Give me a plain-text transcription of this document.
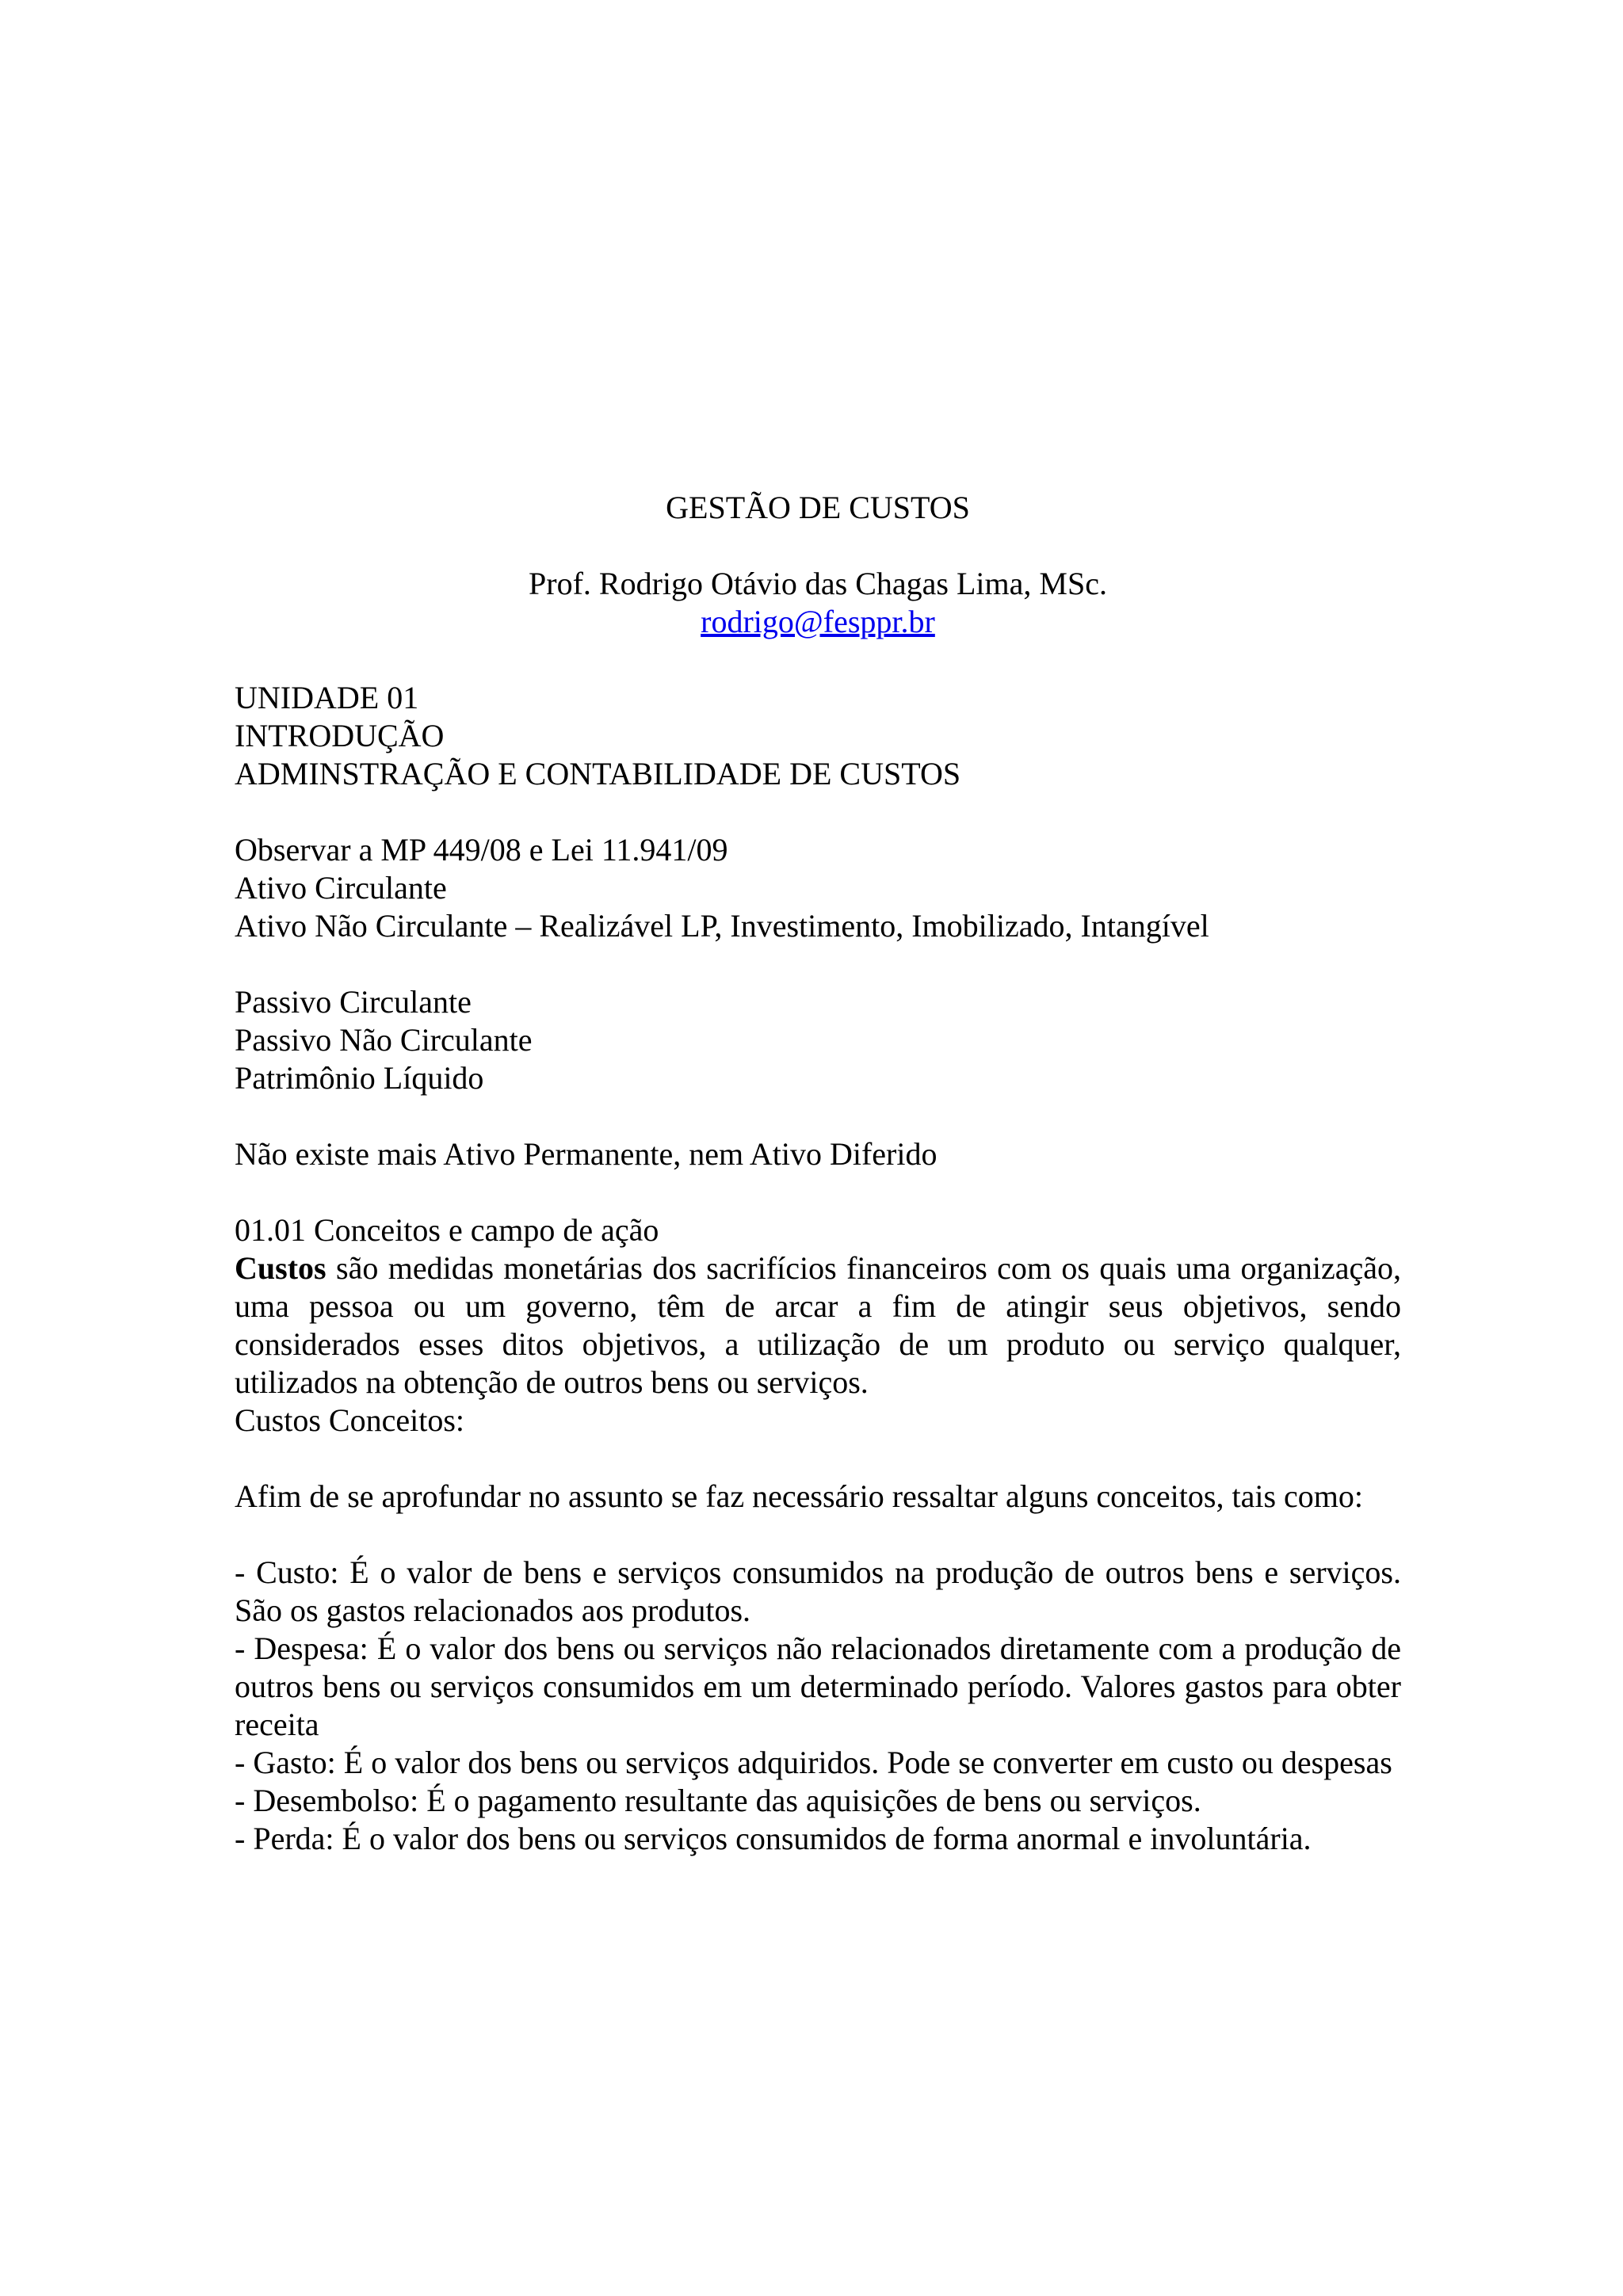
GESTÃO DE CUSTOS
Prof. Rodrigo Otávio das Chagas Lima, MSc.
rodrigo@fesppr.br
UNIDADE 01
INTRODUÇÃO
ADMINSTRAÇÃO E CONTABILIDADE DE CUSTOS
Observar a MP 449/08 e Lei 11.941/09
Ativo Circulante
Ativo Não Circulante – Realizável LP, Investimento, Imobilizado, Intangível
Passivo Circulante
Passivo Não Circulante
Patrimônio Líquido
Não existe mais Ativo Permanente, nem Ativo Diferido
01.01 Conceitos e campo de ação

Custos são medidas monetárias dos sacrifícios financeiros com os quais uma organização, uma pessoa ou um governo, têm de arcar a fim de atingir seus objetivos, sendo considerados esses ditos objetivos, a utilização de um produto ou serviço qualquer, utilizados na obtenção de outros bens ou serviços.

Custos Conceitos:

Afim de se aprofundar no assunto se faz necessário ressaltar alguns conceitos, tais como:

- Custo: É o valor de bens e serviços consumidos na produção de outros bens e serviços. São os gastos relacionados aos produtos.

- Despesa: É o valor dos bens ou serviços não relacionados diretamente com a produção de outros bens ou serviços consumidos em um determinado período. Valores gastos para obter receita

- Gasto: É o valor dos bens ou serviços adquiridos. Pode se converter em custo ou despesas

- Desembolso: É o pagamento resultante das aquisições de bens ou serviços.

- Perda: É o valor dos bens ou serviços consumidos de forma anormal e involuntária.
